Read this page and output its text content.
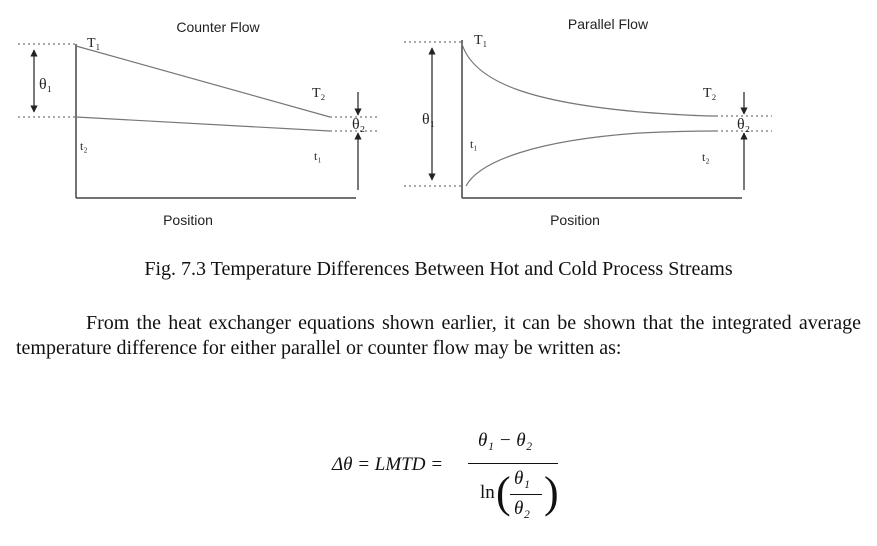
Counter Flow
θ₁
θ₂
T₁
T₂
t₂
t₁
Position
Parallel Flow
θ₁	θ₂
T₁
T₂
t₁
t₂
Position
Fig. 7.3 Temperature Differences Between Hot and Cold Process Streams
From the heat exchanger equations shown earlier, it can be shown that the integrated average temperature difference for either parallel or counter flow may be written as:
Δθ = LMTD =
θ₁ − θ₂
ln ( θ₁
θ₂ )
